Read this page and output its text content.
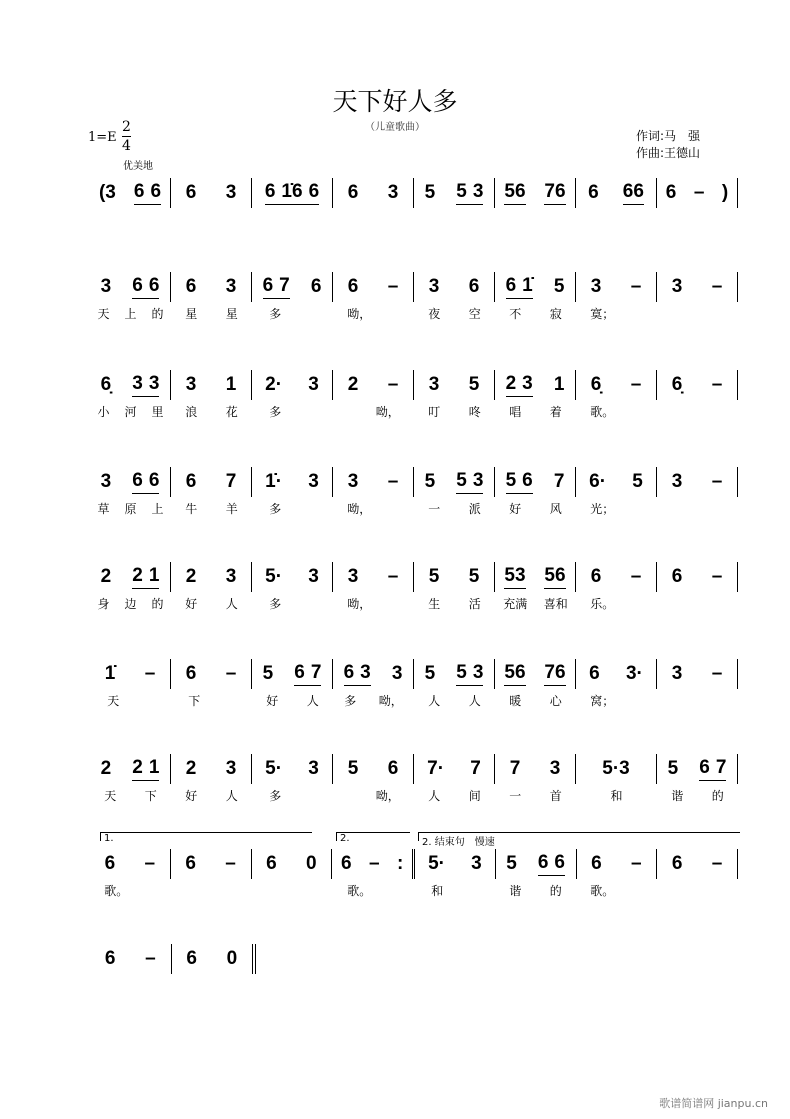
天下好人多
（儿童歌曲）
$1=E \frac{2}{4}$
优美地
作词:马　强
作曲:王德山
1.	2.	2. 结束句　慢速
(3 6 6 6 3 6 1̇6 6 6 3 5 5 3 56 76 6 66 6 – )
3 6 6 6 3 6 7 6 6 – 3 6 6 1̇ 5 3 – 3 –
天 上 的 星 星	多	呦，	夜 空 不 寂 寞；
6̣ 3 3 3 1 2· 3 2 – 3 5 2 3 1 6̣ – 6̣ –
小 河 里 浪 花	多	呦， 叮 咚 唱 着 歌。
3 6 6 6 7 1̇· 3 3 – 5 5 3 5 6 7 6· 5 3 –
草 原 上 牛 羊	多	呦，	一 派 好 风 光；
2 2 1 2 3 5· 3 3 – 5 5 53 56 6 – 6 –
身 边 的 好 人	多	呦，	生 活 充满 喜和 乐。
1̇ – 6 – 5 6 7 6 3 3 5 5 3 56 76 6 3· 3 –
天	下	好 人 多 呦， 人 人 暖 心 窝；
2 2 1 2 3 5· 3 5 6 7· 7 7 3 5·3 5 6 7
天 下 好 人	多	呦， 人 间 一 首	和	谐 的
6 – 6 – 6 0 6 – : 5· 3 5 6 6 6 – 6 –
歌。	歌。	和	谐 的 歌。
6 – 6 0
歌谱简谱网 jianpu.cn
